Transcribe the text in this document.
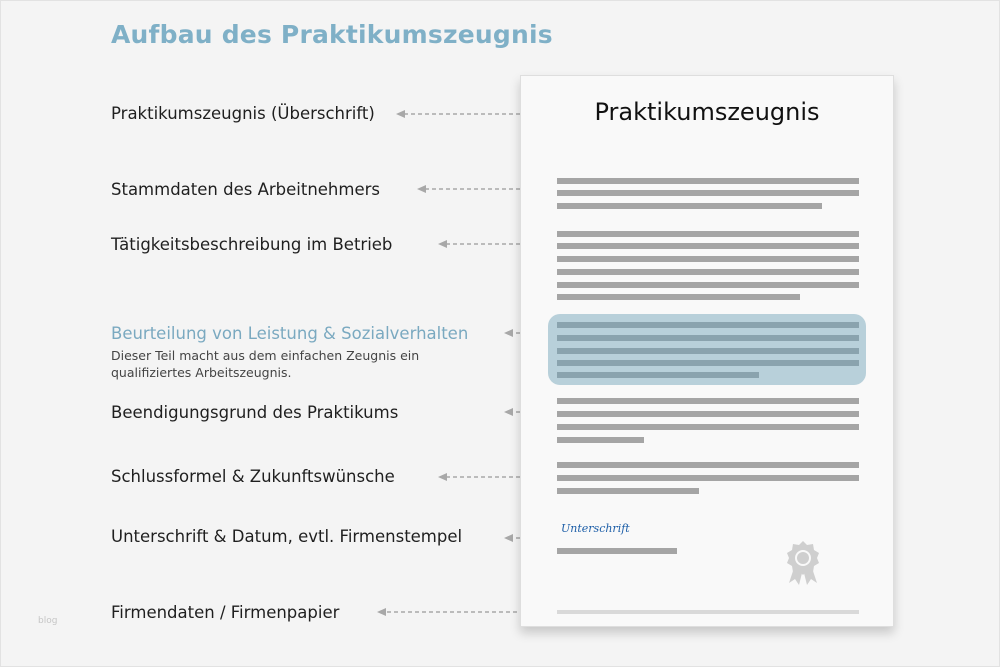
Aufbau des Praktikumszeugnis
Praktikumszeugnis (Überschrift)
Stammdaten des Arbeitnehmers
Tätigkeitsbeschreibung im Betrieb
Beurteilung von Leistung & Sozialverhalten
Dieser Teil macht aus dem einfachen Zeugnis ein qualifiziertes Arbeitszeugnis.
Beendigungsgrund des Praktikums
Schlussformel & Zukunftswünsche
Unterschrift & Datum, evtl. Firmenstempel
Firmendaten / Firmenpapier
Praktikumszeugnis
Unterschrift
blog
